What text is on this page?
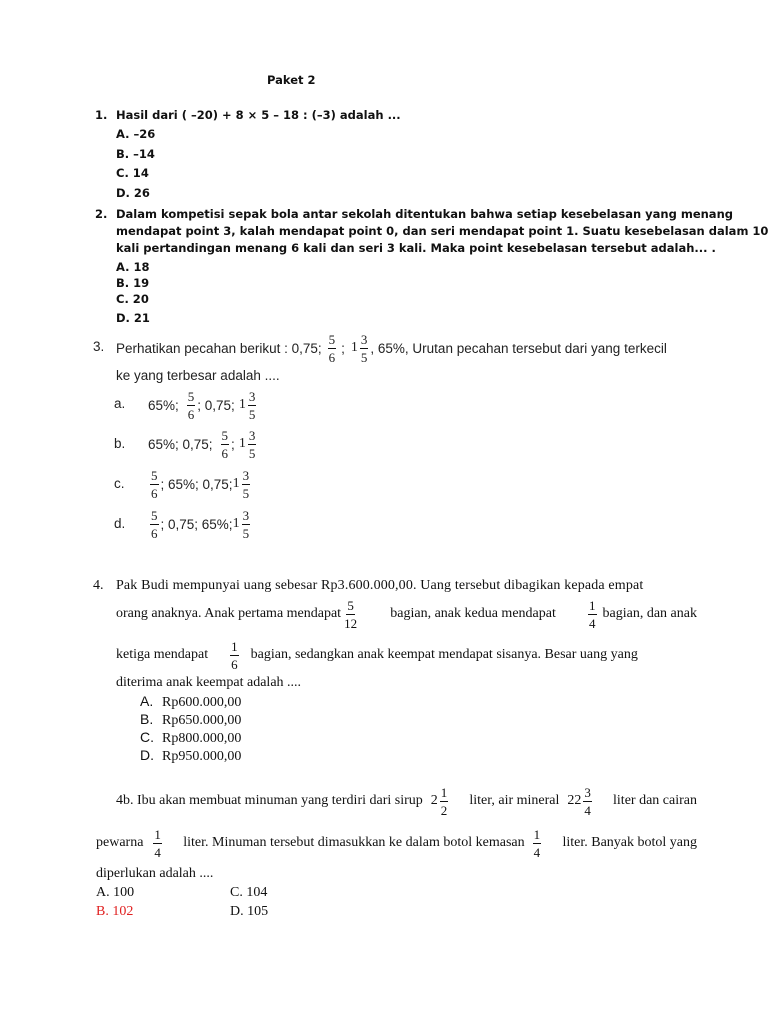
Paket 2
1. Hasil dari ( –20) + 8 × 5 – 18 : (–3) adalah ...
A. –26
B. –14
C. 14
D. 26
2. Dalam kompetisi sepak bola antar sekolah ditentukan bahwa setiap kesebelasan yang menang
mendapat point 3, kalah mendapat point 0, dan seri mendapat point 1. Suatu kesebelasan dalam 10
kali pertandingan menang 6 kali dan seri 3 kali. Maka point kesebelasan tersebut adalah... .
A. 18
B. 19
C. 20
D. 21
3. Perhatikan pecahan berikut : 0,75; $\frac{5}{6}$ ; $1 \frac{3}{5}$ , 65%, Urutan pecahan tersebut dari yang terkecil
ke yang terbesar adalah ....
a. 65%; $\frac{5}{6}$ ; 0,75; $1 \frac{3}{5}$
b. 65%; 0,75; $\frac{5}{6}$ ; $1 \frac{3}{5}$
c. $\frac{5}{6}$ ; 65%; 0,75; $1 \frac{3}{5}$
d. $\frac{5}{6}$ ; 0,75; 65%; $1 \frac{3}{5}$
4. Pak Budi mempunyai uang sebesar Rp3.600.000,00. Uang tersebut dibagikan kepada empat
orang anaknya. Anak pertama mendapat $\frac{5}{12}$ bagian, anak kedua mendapat $\frac{1}{4}$ bagian, dan anak
ketiga mendapat $\frac{1}{6}$ bagian, sedangkan anak keempat mendapat sisanya. Besar uang yang
diterima anak keempat adalah ....
A. Rp600.000,00
B. Rp650.000,00
C. Rp800.000,00
D. Rp950.000,00
4b. Ibu akan membuat minuman yang terdiri dari sirup $2 \frac{1}{2}$ liter, air mineral $22 \frac{3}{4}$ liter dan cairan
pewarna $\frac{1}{4}$ liter. Minuman tersebut dimasukkan ke dalam botol kemasan $\frac{1}{4}$ liter. Banyak botol yang
diperlukan adalah ....
A. 100	C. 104
B. 102	D. 105
